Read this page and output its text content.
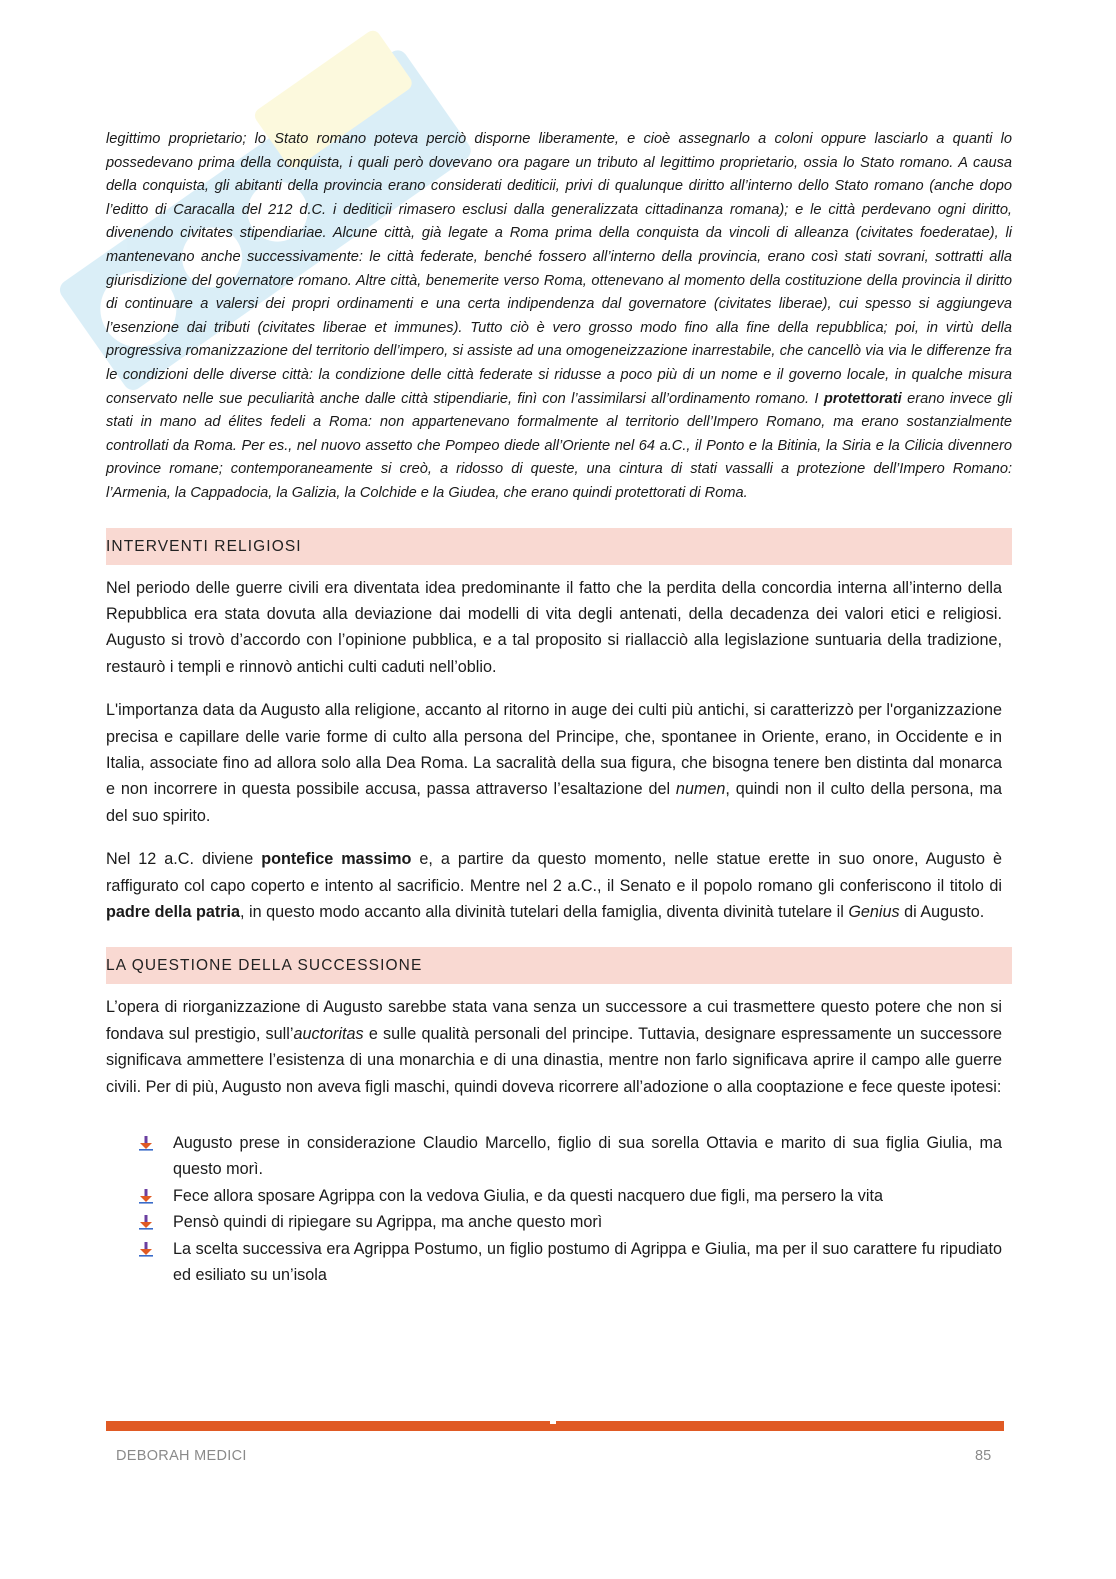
legittimo proprietario; lo Stato romano poteva perciò disporne liberamente, e cioè assegnarlo a coloni oppure lasciarlo a quanti lo possedevano prima della conquista, i quali però dovevano ora pagare un tributo al legittimo proprietario, ossia lo Stato romano. A causa della conquista, gli abitanti della provincia erano considerati dediticii, privi di qualunque diritto all’interno dello Stato romano (anche dopo l’editto di Caracalla del 212 d.C. i dediticii rimasero esclusi dalla generalizzata cittadinanza romana); e le città perdevano ogni diritto, divenendo civitates stipendiariae. Alcune città, già legate a Roma prima della conquista da vincoli di alleanza (civitates foederatae), li mantenevano anche successivamente: le città federate, benché fossero all’interno della provincia, erano così stati sovrani, sottratti alla giurisdizione del governatore romano. Altre città, benemerite verso Roma, ottenevano al momento della costituzione della provincia il diritto di continuare a valersi dei propri ordinamenti e una certa indipendenza dal governatore (civitates liberae), cui spesso si aggiungeva l’esenzione dai tributi (civitates liberae et immunes). Tutto ciò è vero grosso modo fino alla fine della repubblica; poi, in virtù della progressiva romanizzazione del territorio dell’impero, si assiste ad una omogeneizzazione inarrestabile, che cancellò via via le differenze fra le condizioni delle diverse città: la condizione delle città federate si ridusse a poco più di un nome e il governo locale, in qualche misura conservato nelle sue peculiarità anche dalle città stipendiarie, finì con l’assimilarsi all’ordinamento romano. I protettorati erano invece gli stati in mano ad élites fedeli a Roma: non appartenevano formalmente al territorio dell’Impero Romano, ma erano sostanzialmente controllati da Roma. Per es., nel nuovo assetto che Pompeo diede all’Oriente nel 64 a.C., il Ponto e la Bitinia, la Siria e la Cilicia divennero province romane; contemporaneamente si creò, a ridosso di queste, una cintura di stati vassalli a protezione dell’Impero Romano: l’Armenia, la Cappadocia, la Galizia, la Colchide e la Giudea, che erano quindi protettorati di Roma.

INTERVENTI RELIGIOSI

Nel periodo delle guerre civili era diventata idea predominante il fatto che la perdita della concordia interna all’interno della Repubblica era stata dovuta alla deviazione dai modelli di vita degli antenati, della decadenza dei valori etici e religiosi. Augusto si trovò d’accordo con l’opinione pubblica, e a tal proposito si riallacciò alla legislazione suntuaria della tradizione, restaurò i templi e rinnovò antichi culti caduti nell’oblio.

L'importanza data da Augusto alla religione, accanto al ritorno in auge dei culti più antichi, si caratterizzò per l'organizzazione precisa e capillare delle varie forme di culto alla persona del Principe, che, spontanee in Oriente, erano, in Occidente e in Italia, associate fino ad allora solo alla Dea Roma. La sacralità della sua figura, che bisogna tenere ben distinta dal monarca e non incorrere in questa possibile accusa, passa attraverso l’esaltazione del numen, quindi non il culto della persona, ma del suo spirito.

Nel 12 a.C. diviene pontefice massimo e, a partire da questo momento, nelle statue erette in suo onore, Augusto è raffigurato col capo coperto e intento al sacrificio. Mentre nel 2 a.C., il Senato e il popolo romano gli conferiscono il titolo di padre della patria, in questo modo accanto alla divinità tutelari della famiglia, diventa divinità tutelare il Genius di Augusto.

LA QUESTIONE DELLA SUCCESSIONE

L’opera di riorganizzazione di Augusto sarebbe stata vana senza un successore a cui trasmettere questo potere che non si fondava sul prestigio, sull’auctoritas e sulle qualità personali del principe. Tuttavia, designare espressamente un successore significava ammettere l’esistenza di una monarchia e di una dinastia, mentre non farlo significava aprire il campo alle guerre civili. Per di più, Augusto non aveva figli maschi, quindi doveva ricorrere all’adozione o alla cooptazione e fece queste ipotesi:

Augusto prese in considerazione Claudio Marcello, figlio di sua sorella Ottavia e marito di sua figlia Giulia, ma questo morì.
Fece allora sposare Agrippa con la vedova Giulia, e da questi nacquero due figli, ma persero la vita
Pensò quindi di ripiegare su Agrippa, ma anche questo morì
La scelta successiva era Agrippa Postumo, un figlio postumo di Agrippa e Giulia, ma per il suo carattere fu ripudiato ed esiliato su un’isola
DEBORAH MEDICI	85
